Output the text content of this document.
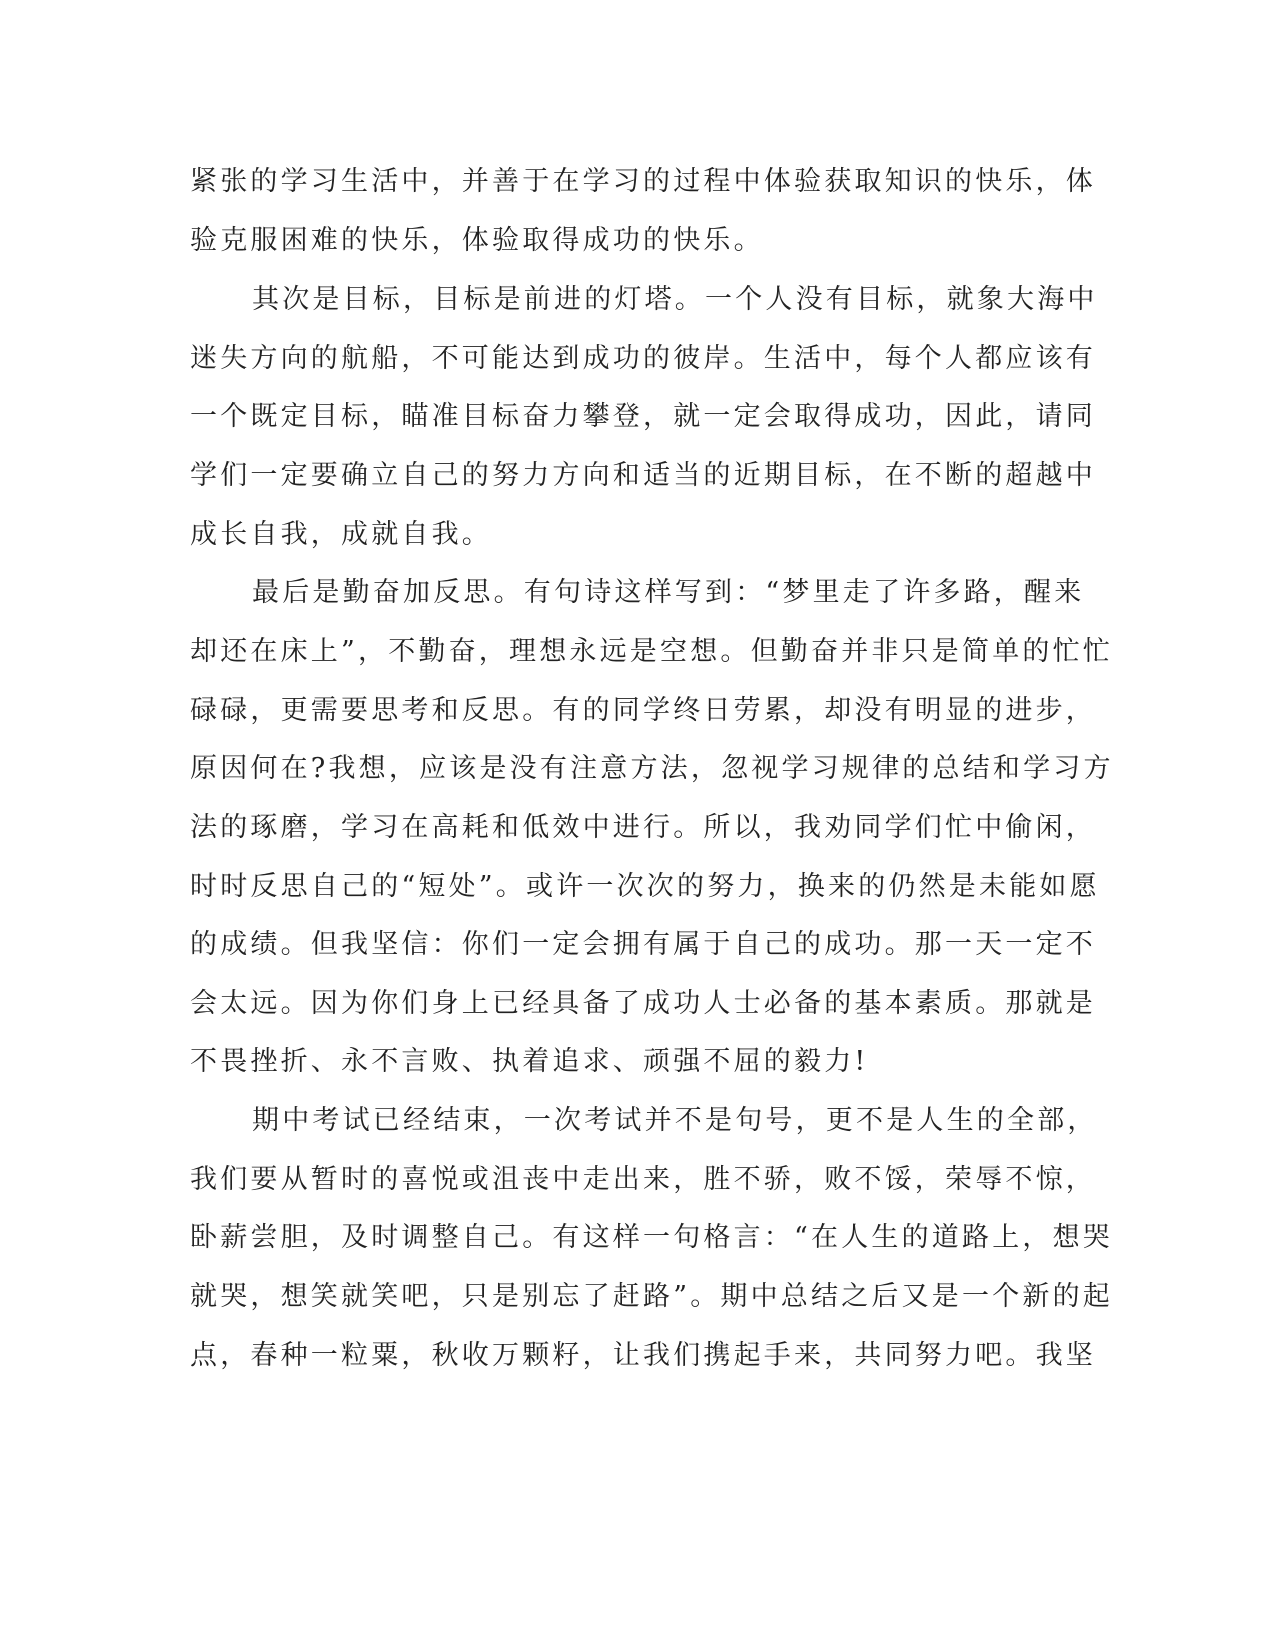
紧张的学习生活中，并善于在学习的过程中体验获取知识的快乐，体
验克服困难的快乐，体验取得成功的快乐。
其次是目标，目标是前进的灯塔。一个人没有目标，就象大海中
迷失方向的航船，不可能达到成功的彼岸。生活中，每个人都应该有
一个既定目标，瞄准目标奋力攀登，就一定会取得成功，因此，请同
学们一定要确立自己的努力方向和适当的近期目标，在不断的超越中
成长自我，成就自我。
最后是勤奋加反思。有句诗这样写到：“梦里走了许多路，醒来
却还在床上”，不勤奋，理想永远是空想。但勤奋并非只是简单的忙忙
碌碌，更需要思考和反思。有的同学终日劳累，却没有明显的进步，
原因何在?我想，应该是没有注意方法，忽视学习规律的总结和学习方
法的琢磨，学习在高耗和低效中进行。所以，我劝同学们忙中偷闲，
时时反思自己的“短处”。或许一次次的努力，换来的仍然是未能如愿
的成绩。但我坚信：你们一定会拥有属于自己的成功。那一天一定不
会太远。因为你们身上已经具备了成功人士必备的基本素质。那就是
不畏挫折、永不言败、执着追求、顽强不屈的毅力!
期中考试已经结束，一次考试并不是句号，更不是人生的全部，
我们要从暂时的喜悦或沮丧中走出来，胜不骄，败不馁，荣辱不惊，
卧薪尝胆，及时调整自己。有这样一句格言：“在人生的道路上，想哭
就哭，想笑就笑吧，只是别忘了赶路”。期中总结之后又是一个新的起
点，春种一粒粟，秋收万颗籽，让我们携起手来，共同努力吧。我坚
